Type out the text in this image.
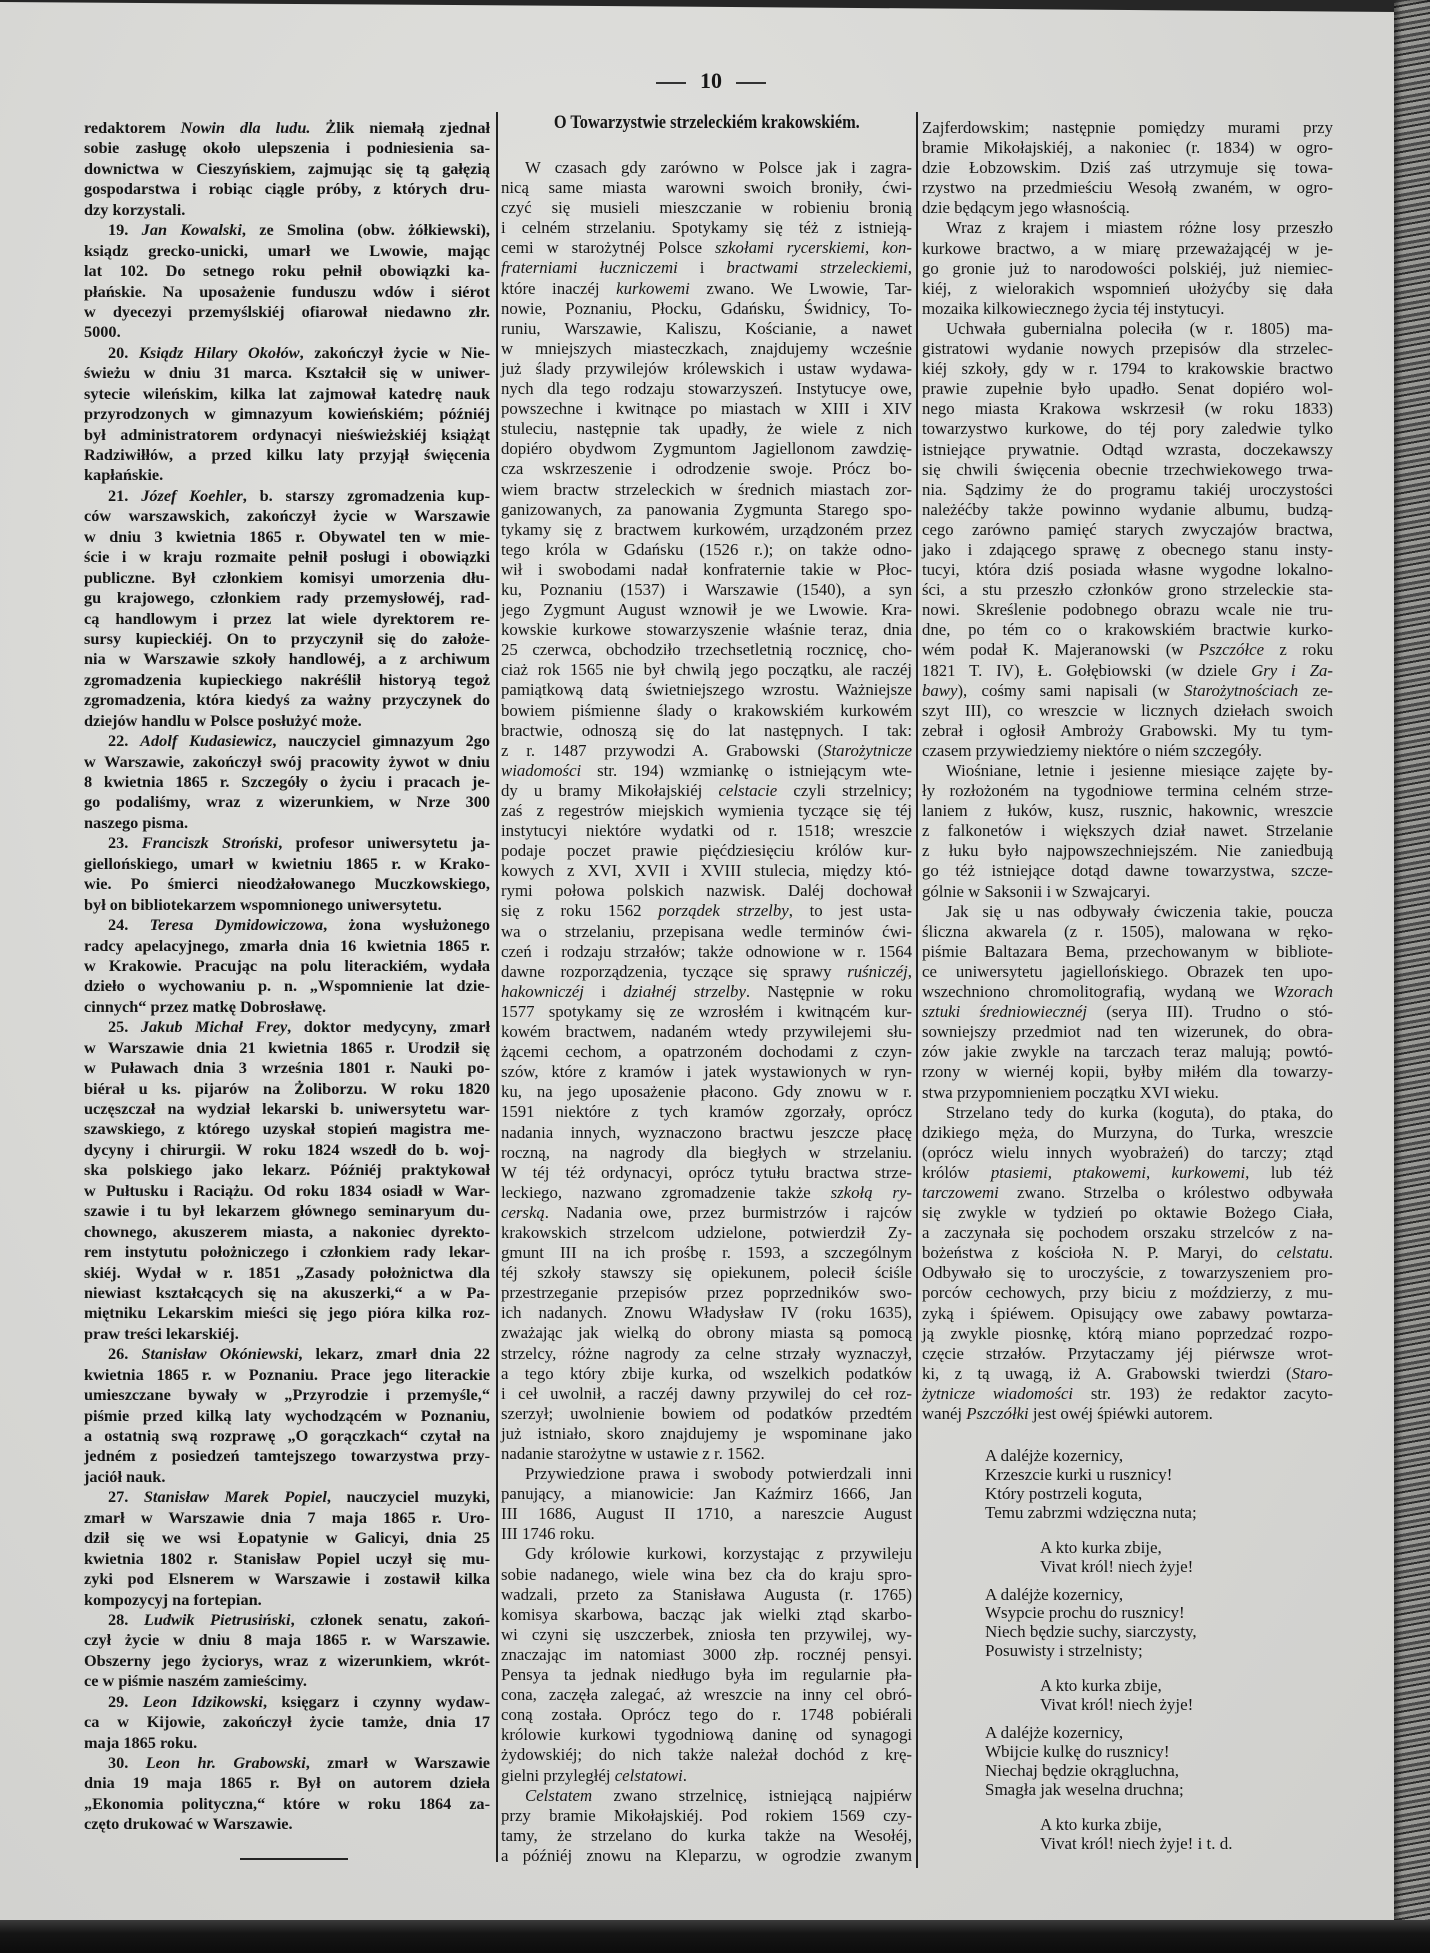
10
O Towarzystwie strzeleckiém krakowskiém.
redaktorem Nowin dla ludu. Żlik niemałą zjednał
sobie zasługę około ulepszenia i podniesienia sa-
downictwa w Cieszyńskiem, zajmując się tą gałęzią
gospodarstwa i robiąc ciągle próby, z których dru-
dzy korzystali.
19. Jan Kowalski, ze Smolina (obw. żółkiewski),
ksiądz grecko-unicki, umarł we Lwowie, mając
lat 102. Do setnego roku pełnił obowiązki ka-
płańskie. Na uposażenie funduszu wdów i siérot
w dyecezyi przemyślskiéj ofiarował niedawno złr.
5000.
20. Ksiądz Hilary Okołów, zakończył życie w Nie-
świeżu w dniu 31 marca. Kształcił się w uniwer-
sytecie wileńskim, kilka lat zajmował katedrę nauk
przyrodzonych w gimnazyum kowieńskiém; późniéj
był administratorem ordynacyi nieświeżskiéj książąt
Radziwiłłów, a przed kilku laty przyjął święcenia
kapłańskie.
21. Józef Koehler, b. starszy zgromadzenia kup-
ców warszawskich, zakończył życie w Warszawie
w dniu 3 kwietnia 1865 r. Obywatel ten w mie-
ście i w kraju rozmaite pełnił posługi i obowiązki
publiczne. Był członkiem komisyi umorzenia dłu-
gu krajowego, członkiem rady przemysłowéj, rad-
cą handlowym i przez lat wiele dyrektorem re-
sursy kupieckiéj. On to przyczynił się do założe-
nia w Warszawie szkoły handlowéj, a z archiwum
zgromadzenia kupieckiego nakréślił historyą tegoż
zgromadzenia, która kiedyś za ważny przyczynek do
dziejów handlu w Polsce posłużyć może.
22. Adolf Kudasiewicz, nauczyciel gimnazyum 2go
w Warszawie, zakończył swój pracowity żywot w dniu
8 kwietnia 1865 r. Szczegóły o życiu i pracach je-
go podaliśmy, wraz z wizerunkiem, w Nrze 300
naszego pisma.
23. Franciszk Stroński, profesor uniwersytetu ja-
giellońskiego, umarł w kwietniu 1865 r. w Krako-
wie. Po śmierci nieodżałowanego Muczkowskiego,
był on bibliotekarzem wspomnionego uniwersytetu.
24. Teresa Dymidowiczowa, żona wysłużonego
radcy apelacyjnego, zmarła dnia 16 kwietnia 1865 r.
w Krakowie. Pracując na polu literackiém, wydała
dzieło o wychowaniu p. n. „Wspomnienie lat dzie-
cinnych“ przez matkę Dobrosławę.
25. Jakub Michał Frey, doktor medycyny, zmarł
w Warszawie dnia 21 kwietnia 1865 r. Urodził się
w Puławach dnia 3 września 1801 r. Nauki po-
biérał u ks. pijarów na Żoliborzu. W roku 1820
uczęszczał na wydział lekarski b. uniwersytetu war-
szawskiego, z którego uzyskał stopień magistra me-
dycyny i chirurgii. W roku 1824 wszedł do b. woj-
ska polskiego jako lekarz. Późniéj praktykował
w Pułtusku i Raciążu. Od roku 1834 osiadł w War-
szawie i tu był lekarzem głównego seminaryum du-
chownego, akuszerem miasta, a nakoniec dyrekto-
rem instytutu położniczego i członkiem rady lekar-
skiéj. Wydał w r. 1851 „Zasady położnictwa dla
niewiast kształcących się na akuszerki,“ a w Pa-
miętniku Lekarskim mieści się jego pióra kilka roz-
praw treści lekarskiéj.
26. Stanisław Okóniewski, lekarz, zmarł dnia 22
kwietnia 1865 r. w Poznaniu. Prace jego literackie
umieszczane bywały w „Przyrodzie i przemyśle,“
piśmie przed kilką laty wychodzącém w Poznaniu,
a ostatnią swą rozprawę „O gorączkach“ czytał na
jedném z posiedzeń tamtejszego towarzystwa przy-
jaciół nauk.
27. Stanisław Marek Popiel, nauczyciel muzyki,
zmarł w Warszawie dnia 7 maja 1865 r. Uro-
dził się we wsi Łopatynie w Galicyi, dnia 25
kwietnia 1802 r. Stanisław Popiel uczył się mu-
zyki pod Elsnerem w Warszawie i zostawił kilka
kompozycyj na fortepian.
28. Ludwik Pietrusiński, członek senatu, zakoń-
czył życie w dniu 8 maja 1865 r. w Warszawie.
Obszerny jego życiorys, wraz z wizerunkiem, wkrót-
ce w piśmie naszém zamieścimy.
29. Leon Idzikowski, księgarz i czynny wydaw-
ca w Kijowie, zakończył życie tamże, dnia 17
maja 1865 roku.
30. Leon hr. Grabowski, zmarł w Warszawie
dnia 19 maja 1865 r. Był on autorem dzieła
„Ekonomia polityczna,“ które w roku 1864 za-
częto drukować w Warszawie.
W czasach gdy zarówno w Polsce jak i zagra-
nicą same miasta warowni swoich broniły, ćwi-
czyć się musieli mieszczanie w robieniu bronią
i celném strzelaniu. Spotykamy się téż z istnieją-
cemi w starożytnéj Polsce szkołami rycerskiemi, kon-
fraterniami łuczniczemi i bractwami strzeleckiemi,
które inaczéj kurkowemi zwano. We Lwowie, Tar-
nowie, Poznaniu, Płocku, Gdańsku, Świdnicy, To-
runiu, Warszawie, Kaliszu, Kościanie, a nawet
w mniejszych miasteczkach, znajdujemy wcześnie
już ślady przywilejów królewskich i ustaw wydawa-
nych dla tego rodzaju stowarzyszeń. Instytucye owe,
powszechne i kwitnące po miastach w XIII i XIV
stuleciu, następnie tak upadły, że wiele z nich
dopiéro obydwom Zygmuntom Jagiellonom zawdzię-
cza wskrzeszenie i odrodzenie swoje. Prócz bo-
wiem bractw strzeleckich w średnich miastach zor-
ganizowanych, za panowania Zygmunta Starego spo-
tykamy się z bractwem kurkowém, urządzoném przez
tego króla w Gdańsku (1526 r.); on także odno-
wił i swobodami nadał konfraternie takie w Płoc-
ku, Poznaniu (1537) i Warszawie (1540), a syn
jego Zygmunt August wznowił je we Lwowie. Kra-
kowskie kurkowe stowarzyszenie właśnie teraz, dnia
25 czerwca, obchodziło trzechsetletnią rocznicę, cho-
ciaż rok 1565 nie był chwilą jego początku, ale raczéj
pamiątkową datą świetniejszego wzrostu. Ważniejsze
bowiem piśmienne ślady o krakowskiém kurkowém
bractwie, odnoszą się do lat następnych. I tak:
z r. 1487 przywodzi A. Grabowski (Starożytnicze
wiadomości str. 194) wzmiankę o istniejącym wte-
dy u bramy Mikołajskiéj celstacie czyli strzelnicy;
zaś z regestrów miejskich wymienia tyczące się téj
instytucyi niektóre wydatki od r. 1518; wreszcie
podaje poczet prawie pięćdziesięciu królów kur-
kowych z XVI, XVII i XVIII stulecia, między któ-
rymi połowa polskich nazwisk. Daléj dochował
się z roku 1562 porządek strzelby, to jest usta-
wa o strzelaniu, przepisana wedle terminów ćwi-
czeń i rodzaju strzałów; także odnowione w r. 1564
dawne rozporządzenia, tyczące się sprawy ruśniczéj,
hakowniczéj i działnéj strzelby. Następnie w roku
1577 spotykamy się ze wzrosłém i kwitnącém kur-
kowém bractwem, nadaném wtedy przywilejemi słu-
żącemi cechom, a opatrzoném dochodami z czyn-
szów, które z kramów i jatek wystawionych w ryn-
ku, na jego uposażenie płacono. Gdy znowu w r.
1591 niektóre z tych kramów zgorzały, oprócz
nadania innych, wyznaczono bractwu jeszcze płacę
roczną, na nagrody dla biegłych w strzelaniu.
W téj téż ordynacyi, oprócz tytułu bractwa strze-
leckiego, nazwano zgromadzenie także szkołą ry-
cerską. Nadania owe, przez burmistrzów i rajców
krakowskich strzelcom udzielone, potwierdził Zy-
gmunt III na ich prośbę r. 1593, a szczególnym
téj szkoły stawszy się opiekunem, polecił ściśle
przestrzeganie przepisów przez poprzedników swo-
ich nadanych. Znowu Władysław IV (roku 1635),
zważając jak wielką do obrony miasta są pomocą
strzelcy, różne nagrody za celne strzały wyznaczył,
a tego który zbije kurka, od wszelkich podatków
i ceł uwolnił, a raczéj dawny przywilej do ceł roz-
szerzył; uwolnienie bowiem od podatków przedtém
już istniało, skoro znajdujemy je wspominane jako
nadanie starożytne w ustawie z r. 1562.
Przywiedzione prawa i swobody potwierdzali inni
panujący, a mianowicie: Jan Kaźmirz 1666, Jan
III 1686, August II 1710, a nareszcie August
III 1746 roku.
Gdy królowie kurkowi, korzystając z przywileju
sobie nadanego, wiele wina bez cła do kraju spro-
wadzali, przeto za Stanisława Augusta (r. 1765)
komisya skarbowa, bacząc jak wielki ztąd skarbo-
wi czyni się uszczerbek, zniosła ten przywilej, wy-
znaczając im natomiast 3000 złp. rocznéj pensyi.
Pensya ta jednak niedługo była im regularnie pła-
cona, zaczęła zalegać, aż wreszcie na inny cel obró-
coną została. Oprócz tego do r. 1748 pobiérali
królowie kurkowi tygodniową daninę od synagogi
żydowskiéj; do nich także należał dochód z krę-
gielni przyległéj celstatowi.
Celstatem zwano strzelnicę, istniejącą najpiérw
przy bramie Mikołajskiéj. Pod rokiem 1569 czy-
tamy, że strzelano do kurka także na Wesołéj,
a późniéj znowu na Kleparzu, w ogrodzie zwanym
Zajferdowskim; następnie pomiędzy murami przy
bramie Mikołajskiéj, a nakoniec (r. 1834) w ogro-
dzie Łobzowskim. Dziś zaś utrzymuje się towa-
rzystwo na przedmieściu Wesołą zwaném, w ogro-
dzie będącym jego własnością.
Wraz z krajem i miastem różne losy przeszło
kurkowe bractwo, a w miarę przeważającéj w je-
go gronie już to narodowości polskiéj, już niemiec-
kiéj, z wielorakich wspomnień ułożyćby się dała
mozaika kilkowiecznego życia téj instytucyi.
Uchwała gubernialna poleciła (w r. 1805) ma-
gistratowi wydanie nowych przepisów dla strzelec-
kiéj szkoły, gdy w r. 1794 to krakowskie bractwo
prawie zupełnie było upadło. Senat dopiéro wol-
nego miasta Krakowa wskrzesił (w roku 1833)
towarzystwo kurkowe, do téj pory zaledwie tylko
istniejące prywatnie. Odtąd wzrasta, doczekawszy
się chwili święcenia obecnie trzechwiekowego trwa-
nia. Sądzimy że do programu takiéj uroczystości
należéćby także powinno wydanie albumu, budzą-
cego zarówno pamięć starych zwyczajów bractwa,
jako i zdającego sprawę z obecnego stanu insty-
tucyi, która dziś posiada własne wygodne lokalno-
ści, a stu przeszło członków grono strzeleckie sta-
nowi. Skreślenie podobnego obrazu wcale nie tru-
dne, po tém co o krakowskiém bractwie kurko-
wém podał K. Majeranowski (w Pszczółce z roku
1821 T. IV), Ł. Gołębiowski (w dziele Gry i Za-
bawy), cośmy sami napisali (w Starożytnościach ze-
szyt III), co wreszcie w licznych dziełach swoich
zebrał i ogłosił Ambroży Grabowski. My tu tym-
czasem przywiedziemy niektóre o niém szczegóły.
Wiośniane, letnie i jesienne miesiące zajęte by-
ły rozłożoném na tygodniowe termina celném strze-
laniem z łuków, kusz, rusznic, hakownic, wreszcie
z falkonetów i większych dział nawet. Strzelanie
z łuku było najpowszechniejszém. Nie zaniedbują
go téż istniejące dotąd dawne towarzystwa, szcze-
gólnie w Saksonii i w Szwajcaryi.
Jak się u nas odbywały ćwiczenia takie, poucza
śliczna akwarela (z r. 1505), malowana w ręko-
piśmie Baltazara Bema, przechowanym w bibliote-
ce uniwersytetu jagiellońskiego. Obrazek ten upo-
wszechniono chromolitografią, wydaną we Wzorach
sztuki średniowiecznéj (serya III). Trudno o stó-
sowniejszy przedmiot nad ten wizerunek, do obra-
zów jakie zwykle na tarczach teraz malują; powtó-
rzony w wiernéj kopii, byłby miłém dla towarzy-
stwa przypomnieniem początku XVI wieku.
Strzelano tedy do kurka (koguta), do ptaka, do
dzikiego męża, do Murzyna, do Turka, wreszcie
(oprócz wielu innych wyobrażeń) do tarczy; ztąd
królów ptasiemi, ptakowemi, kurkowemi, lub téż
tarczowemi zwano. Strzelba o królestwo odbywała
się zwykle w tydzień po oktawie Bożego Ciała,
a zaczynała się pochodem orszaku strzelców z na-
bożeństwa z kościoła N. P. Maryi, do celstatu.
Odbywało się to uroczyście, z towarzyszeniem pro-
porców cechowych, przy biciu z moździerzy, z mu-
zyką i śpiéwem. Opisujący owe zabawy powtarza-
ją zwykle piosnkę, którą miano poprzedzać rozpo-
częcie strzałów. Przytaczamy jéj piérwsze wrot-
ki, z tą uwagą, iż A. Grabowski twierdzi (Staro-
żytnicze wiadomości str. 193) że redaktor zacyto-
wanéj Pszczółki jest owéj śpiéwki autorem.
A daléjże kozernicy,
Krzeszcie kurki u rusznicy!
Który postrzeli koguta,
Temu zabrzmi wdzięczna nuta;
A kto kurka zbije,
Vivat król! niech żyje!
A daléjże kozernicy,
Wsypcie prochu do rusznicy!
Niech będzie suchy, siarczysty,
Posuwisty i strzelnisty;
A kto kurka zbije,
Vivat król! niech żyje!
A daléjże kozernicy,
Wbijcie kulkę do rusznicy!
Niechaj będzie okrągluchna,
Smagła jak weselna druchna;
A kto kurka zbije,
Vivat król! niech żyje! i t. d.
